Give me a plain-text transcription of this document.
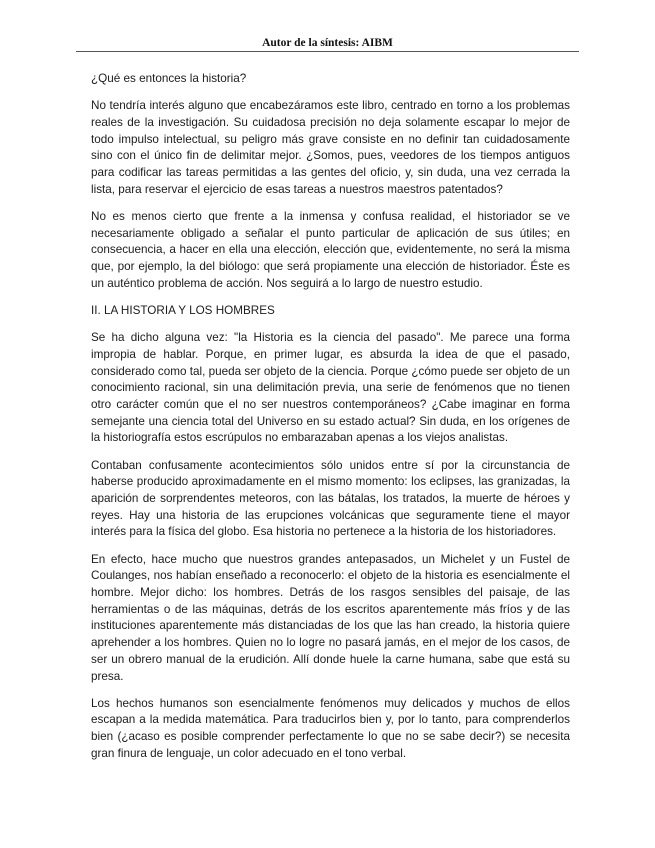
Autor de la síntesis: AIBM

¿Qué es entonces la historia?

No tendría interés alguno que encabezáramos este libro, centrado en torno a los problemas reales de la investigación. Su cuidadosa precisión no deja solamente escapar lo mejor de todo impulso intelectual, su peligro más grave consiste en no definir tan cuidadosamente sino con el único fin de delimitar mejor. ¿Somos, pues, veedores de los tiempos antiguos para codificar las tareas permitidas a las gentes del oficio, y, sin duda, una vez cerrada la lista, para reservar el ejercicio de esas tareas a nuestros maestros patentados?

No es menos cierto que frente a la inmensa y confusa realidad, el historiador se ve necesariamente obligado a señalar el punto particular de aplicación de sus útiles; en consecuencia, a hacer en ella una elección, elección que, evidentemente, no será la misma que, por ejemplo, la del biólogo: que será propiamente una elección de historiador. Éste es un auténtico problema de acción. Nos seguirá a lo largo de nuestro estudio.

II. LA HISTORIA Y LOS HOMBRES

Se ha dicho alguna vez: "la Historia es la ciencia del pasado". Me parece una forma impropia de hablar. Porque, en primer lugar, es absurda la idea de que el pasado, considerado como tal, pueda ser objeto de la ciencia. Porque ¿cómo puede ser objeto de un conocimiento racional, sin una delimitación previa, una serie de fenómenos que no tienen otro carácter común que el no ser nuestros contemporáneos? ¿Cabe imaginar en forma semejante una ciencia total del Universo en su estado actual? Sin duda, en los orígenes de la historiografía estos escrúpulos no embarazaban apenas a los viejos analistas.

Contaban confusamente acontecimientos sólo unidos entre sí por la circunstancia de haberse producido aproximadamente en el mismo momento: los eclipses, las granizadas, la aparición de sorprendentes meteoros, con las bátalas, los tratados, la muerte de héroes y reyes. Hay una historia de las erupciones volcánicas que seguramente tiene el mayor interés para la física del globo. Esa historia no pertenece a la historia de los historiadores.

En efecto, hace mucho que nuestros grandes antepasados, un Michelet y un Fustel de Coulanges, nos habían enseñado a reconocerlo: el objeto de la historia es esencialmente el hombre. Mejor dicho: los hombres. Detrás de los rasgos sensibles del paisaje, de las herramientas o de las máquinas, detrás de los escritos aparentemente más fríos y de las instituciones aparentemente más distanciadas de los que las han creado, la historia quiere aprehender a los hombres. Quien no lo logre no pasará jamás, en el mejor de los casos, de ser un obrero manual de la erudición. Allí donde huele la carne humana, sabe que está su presa.

Los hechos humanos son esencialmente fenómenos muy delicados y muchos de ellos escapan a la medida matemática. Para traducirlos bien y, por lo tanto, para comprenderlos bien (¿acaso es posible comprender perfectamente lo que no se sabe decir?) se necesita gran finura de lenguaje, un color adecuado en el tono verbal.
